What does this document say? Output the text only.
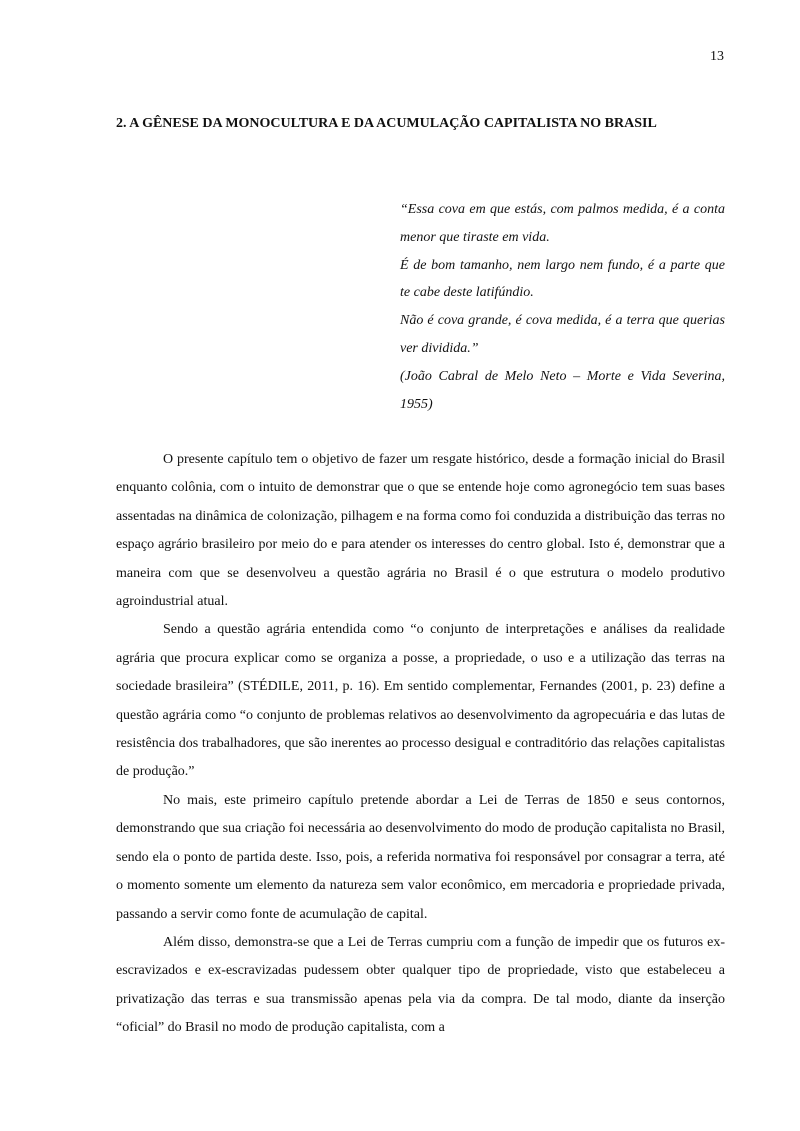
13
2. A GÊNESE DA MONOCULTURA E DA ACUMULAÇÃO CAPITALISTA NO BRASIL

“Essa cova em que estás, com palmos medida, é a conta menor que tiraste em vida.

É de bom tamanho, nem largo nem fundo, é a parte que te cabe deste latifúndio.

Não é cova grande, é cova medida, é a terra que querias ver dividida.”

(João Cabral de Melo Neto – Morte e Vida Severina, 1955)

O presente capítulo tem o objetivo de fazer um resgate histórico, desde a formação inicial do Brasil enquanto colônia, com o intuito de demonstrar que o que se entende hoje como agronegócio tem suas bases assentadas na dinâmica de colonização, pilhagem e na forma como foi conduzida a distribuição das terras no espaço agrário brasileiro por meio do e para atender os interesses do centro global. Isto é, demonstrar que a maneira com que se desenvolveu a questão agrária no Brasil é o que estrutura o modelo produtivo agroindustrial atual.

Sendo a questão agrária entendida como “o conjunto de interpretações e análises da realidade agrária que procura explicar como se organiza a posse, a propriedade, o uso e a utilização das terras na sociedade brasileira” (STÉDILE, 2011, p. 16). Em sentido complementar, Fernandes (2001, p. 23) define a questão agrária como “o conjunto de problemas relativos ao desenvolvimento da agropecuária e das lutas de resistência dos trabalhadores, que são inerentes ao processo desigual e contraditório das relações capitalistas de produção.”

No mais, este primeiro capítulo pretende abordar a Lei de Terras de 1850 e seus contornos, demonstrando que sua criação foi necessária ao desenvolvimento do modo de produção capitalista no Brasil, sendo ela o ponto de partida deste. Isso, pois, a referida normativa foi responsável por consagrar a terra, até o momento somente um elemento da natureza sem valor econômico, em mercadoria e propriedade privada, passando a servir como fonte de acumulação de capital.

Além disso, demonstra-se que a Lei de Terras cumpriu com a função de impedir que os futuros ex-escravizados e ex-escravizadas pudessem obter qualquer tipo de propriedade, visto que estabeleceu a privatização das terras e sua transmissão apenas pela via da compra. De tal modo, diante da inserção “oficial” do Brasil no modo de produção capitalista, com a
